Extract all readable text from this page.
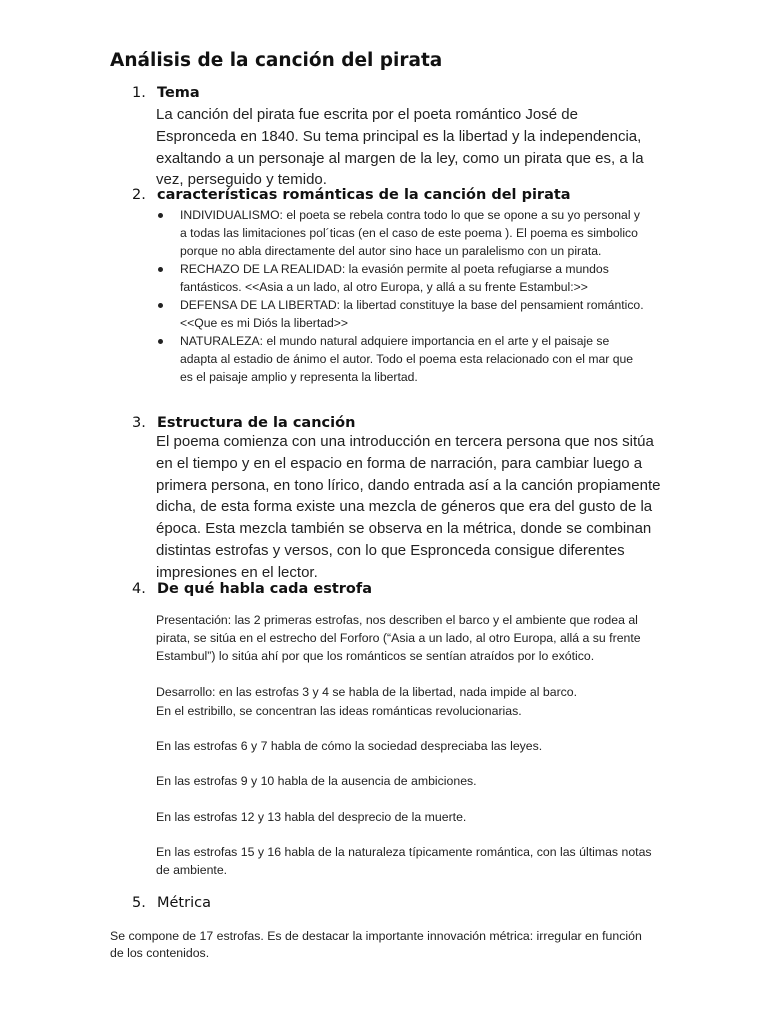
Análisis de la canción del pirata
1. Tema

La canción del pirata fue escrita por el poeta romántico José de Espronceda en 1840. Su tema principal es la libertad y la independencia, exaltando a un personaje al margen de la ley, como un pirata que es, a la vez, perseguido y temido.

2. características románticas de la canción del pirata
INDIVIDUALISMO: el poeta se rebela contra todo lo que se opone a su yo personal y a todas las limitaciones pol´ticas (en el caso de este poema ). El poema es simbolico porque no abla directamente del autor sino hace un paralelismo con un pirata.
RECHAZO DE LA REALIDAD: la evasión permite al poeta refugiarse a mundos fantásticos. <<Asia a un lado, al otro Europa, y allá a su frente Estambul:>>
DEFENSA DE LA LIBERTAD: la libertad constituye la base del pensamient romántico. <<Que es mi Diós la libertad>>
NATURALEZA: el mundo natural adquiere importancia en el arte y el paisaje se adapta al estadio de ánimo el autor. Todo el poema esta relacionado con el mar que es el paisaje amplio y representa la libertad.
3. Estructura de la canción

El poema comienza con una introducción en tercera persona que nos sitúa en el tiempo y en el espacio en forma de narración, para cambiar luego a primera persona, en tono lírico, dando entrada así a la canción propiamente dicha, de esta forma existe una mezcla de géneros que era del gusto de la época. Esta mezcla también se observa en la métrica, donde se combinan distintas estrofas y versos, con lo que Espronceda consigue diferentes impresiones en el lector.

4. De qué habla cada estrofa

Presentación: las 2 primeras estrofas, nos describen el barco y el ambiente que rodea al pirata, se sitúa en el estrecho del Forforo (“Asia a un lado, al otro Europa, allá a su frente Estambul”) lo sitúa ahí por que los románticos se sentían atraídos por lo exótico.

Desarrollo: en las estrofas 3 y 4 se habla de la libertad, nada impide al barco.

En el estribillo, se concentran las ideas románticas revolucionarias.

En las estrofas 6 y 7 habla de cómo la sociedad despreciaba las leyes.

En las estrofas 9 y 10 habla de la ausencia de ambiciones.

En las estrofas 12 y 13 habla del desprecio de la muerte.

En las estrofas 15 y 16 habla de la naturaleza típicamente romántica, con las últimas notas de ambiente.

5. Métrica

Se compone de 17 estrofas. Es de destacar la importante innovación métrica: irregular en función de los contenidos.
